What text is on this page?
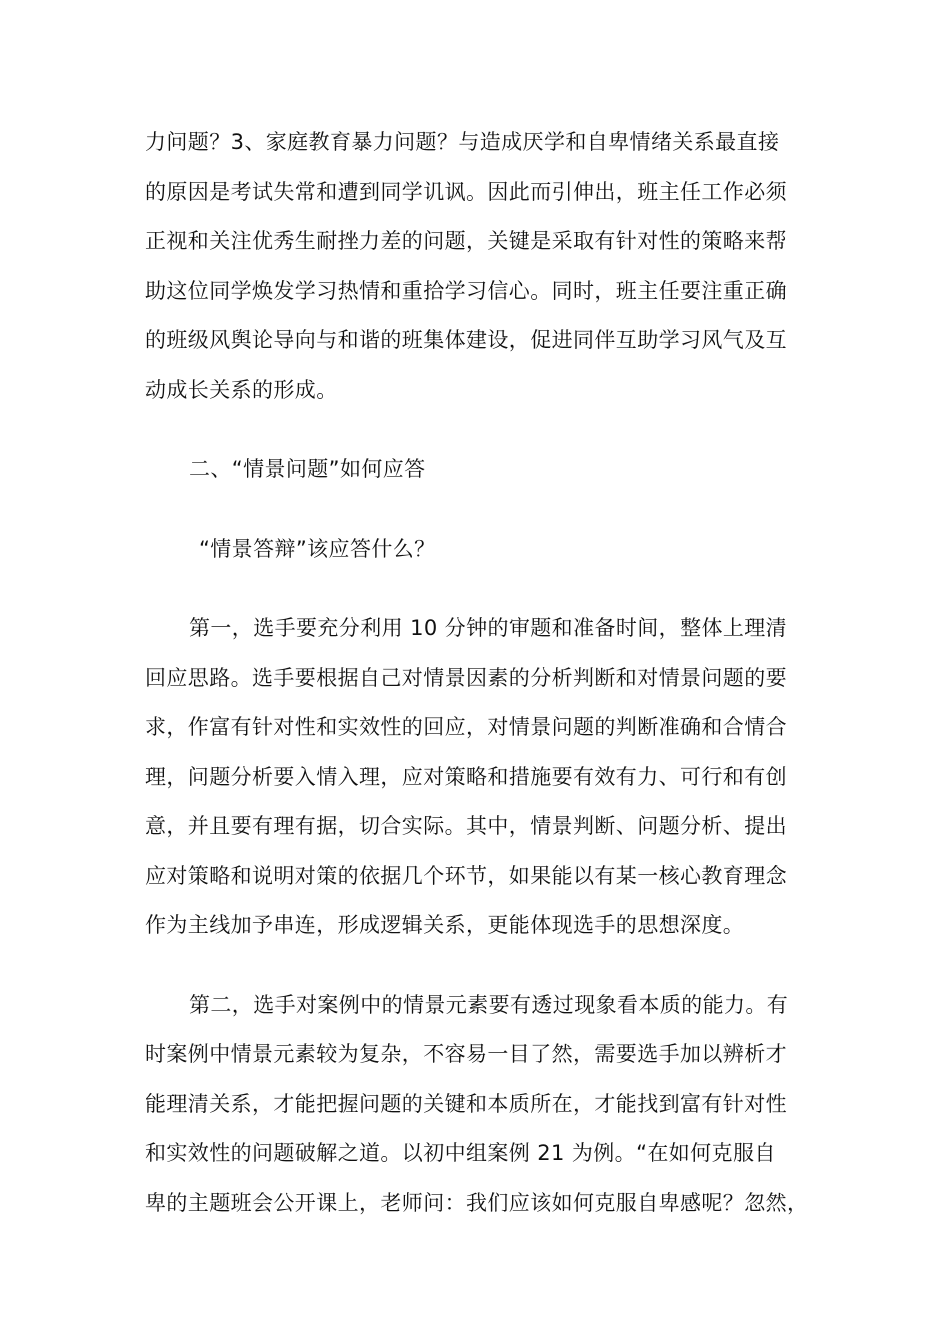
力问题？3、家庭教育暴力问题？与造成厌学和自卑情绪关系最直接
的原因是考试失常和遭到同学讥讽。因此而引伸出，班主任工作必须
正视和关注优秀生耐挫力差的问题，关键是采取有针对性的策略来帮
助这位同学焕发学习热情和重拾学习信心。同时，班主任要注重正确
的班级风舆论导向与和谐的班集体建设，促进同伴互助学习风气及互
动成长关系的形成。
二、“情景问题”如何应答
“情景答辩”该应答什么？
第一，选手要充分利用 10 分钟的审题和准备时间，整体上理清
回应思路。选手要根据自己对情景因素的分析判断和对情景问题的要
求，作富有针对性和实效性的回应，对情景问题的判断准确和合情合
理，问题分析要入情入理，应对策略和措施要有效有力、可行和有创
意，并且要有理有据，切合实际。其中，情景判断、问题分析、提出
应对策略和说明对策的依据几个环节，如果能以有某一核心教育理念
作为主线加予串连，形成逻辑关系，更能体现选手的思想深度。
第二，选手对案例中的情景元素要有透过现象看本质的能力。有
时案例中情景元素较为复杂，不容易一目了然，需要选手加以辨析才
能理清关系，才能把握问题的关键和本质所在，才能找到富有针对性
和实效性的问题破解之道。以初中组案例 21 为例。“在如何克服自
卑的主题班会公开课上，老师问：我们应该如何克服自卑感呢？忽然，
